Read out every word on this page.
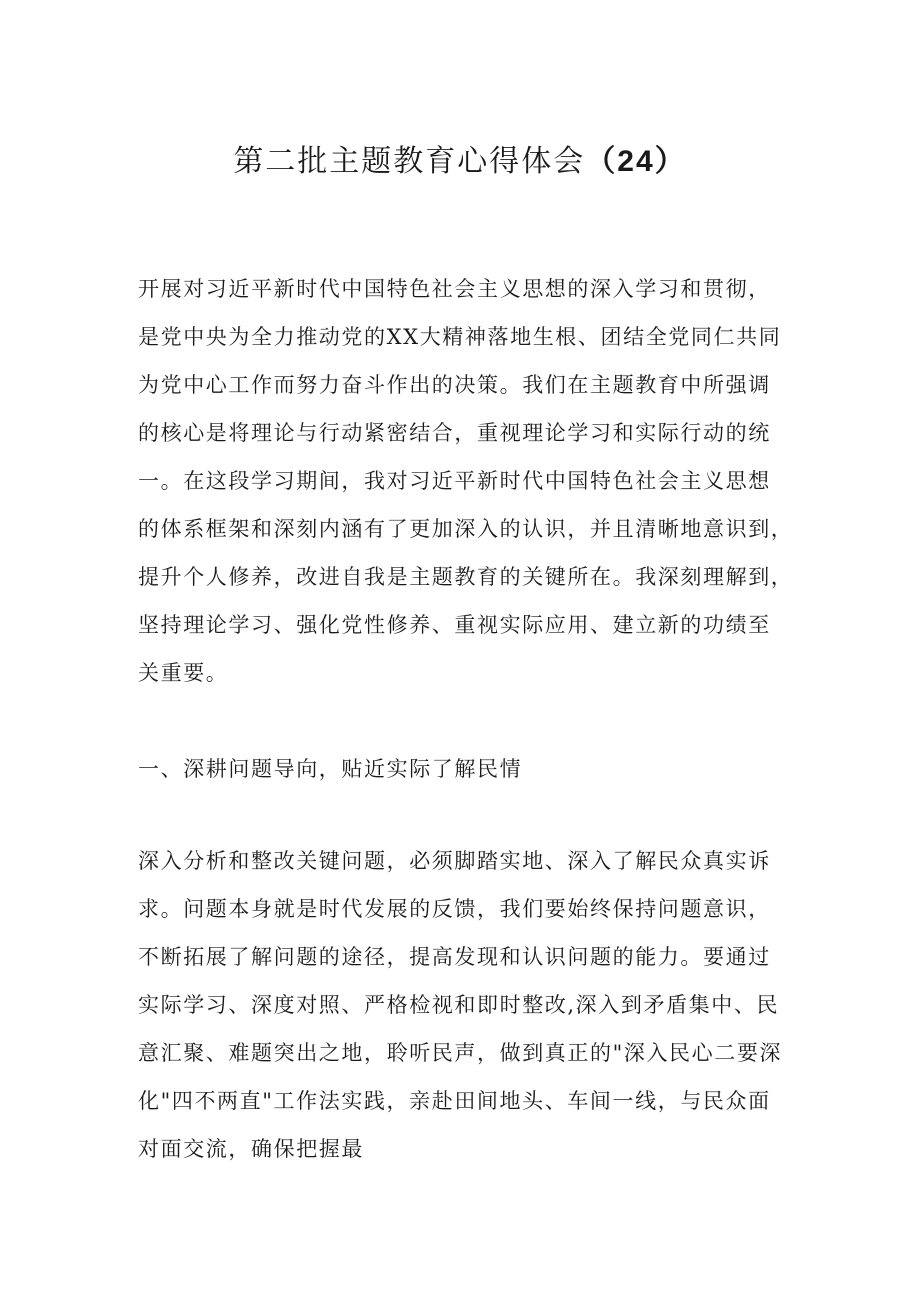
第二批主题教育心得体会（24）

开展对习近平新时代中国特色社会主义思想的深入学习和贯彻，
是党中央为全力推动党的XX大精神落地生根、团结全党同仁共同
为党中心工作而努力奋斗作出的决策。我们在主题教育中所强调
的核心是将理论与行动紧密结合，重视理论学习和实际行动的统
一。在这段学习期间，我对习近平新时代中国特色社会主义思想
的体系框架和深刻内涵有了更加深入的认识，并且清晰地意识到，
提升个人修养，改进自我是主题教育的关键所在。我深刻理解到，
坚持理论学习、强化党性修养、重视实际应用、建立新的功绩至
关重要。

一、深耕问题导向，贴近实际了解民情

深入分析和整改关键问题，必须脚踏实地、深入了解民众真实诉
求。问题本身就是时代发展的反馈，我们要始终保持问题意识，
不断拓展了解问题的途径，提高发现和认识问题的能力。要通过
实际学习、深度对照、严格检视和即时整改,深入到矛盾集中、民
意汇聚、难题突出之地，聆听民声，做到真正的"深入民心二要深
化"四不两直"工作法实践，亲赴田间地头、车间一线，与民众面
对面交流，确保把握最
